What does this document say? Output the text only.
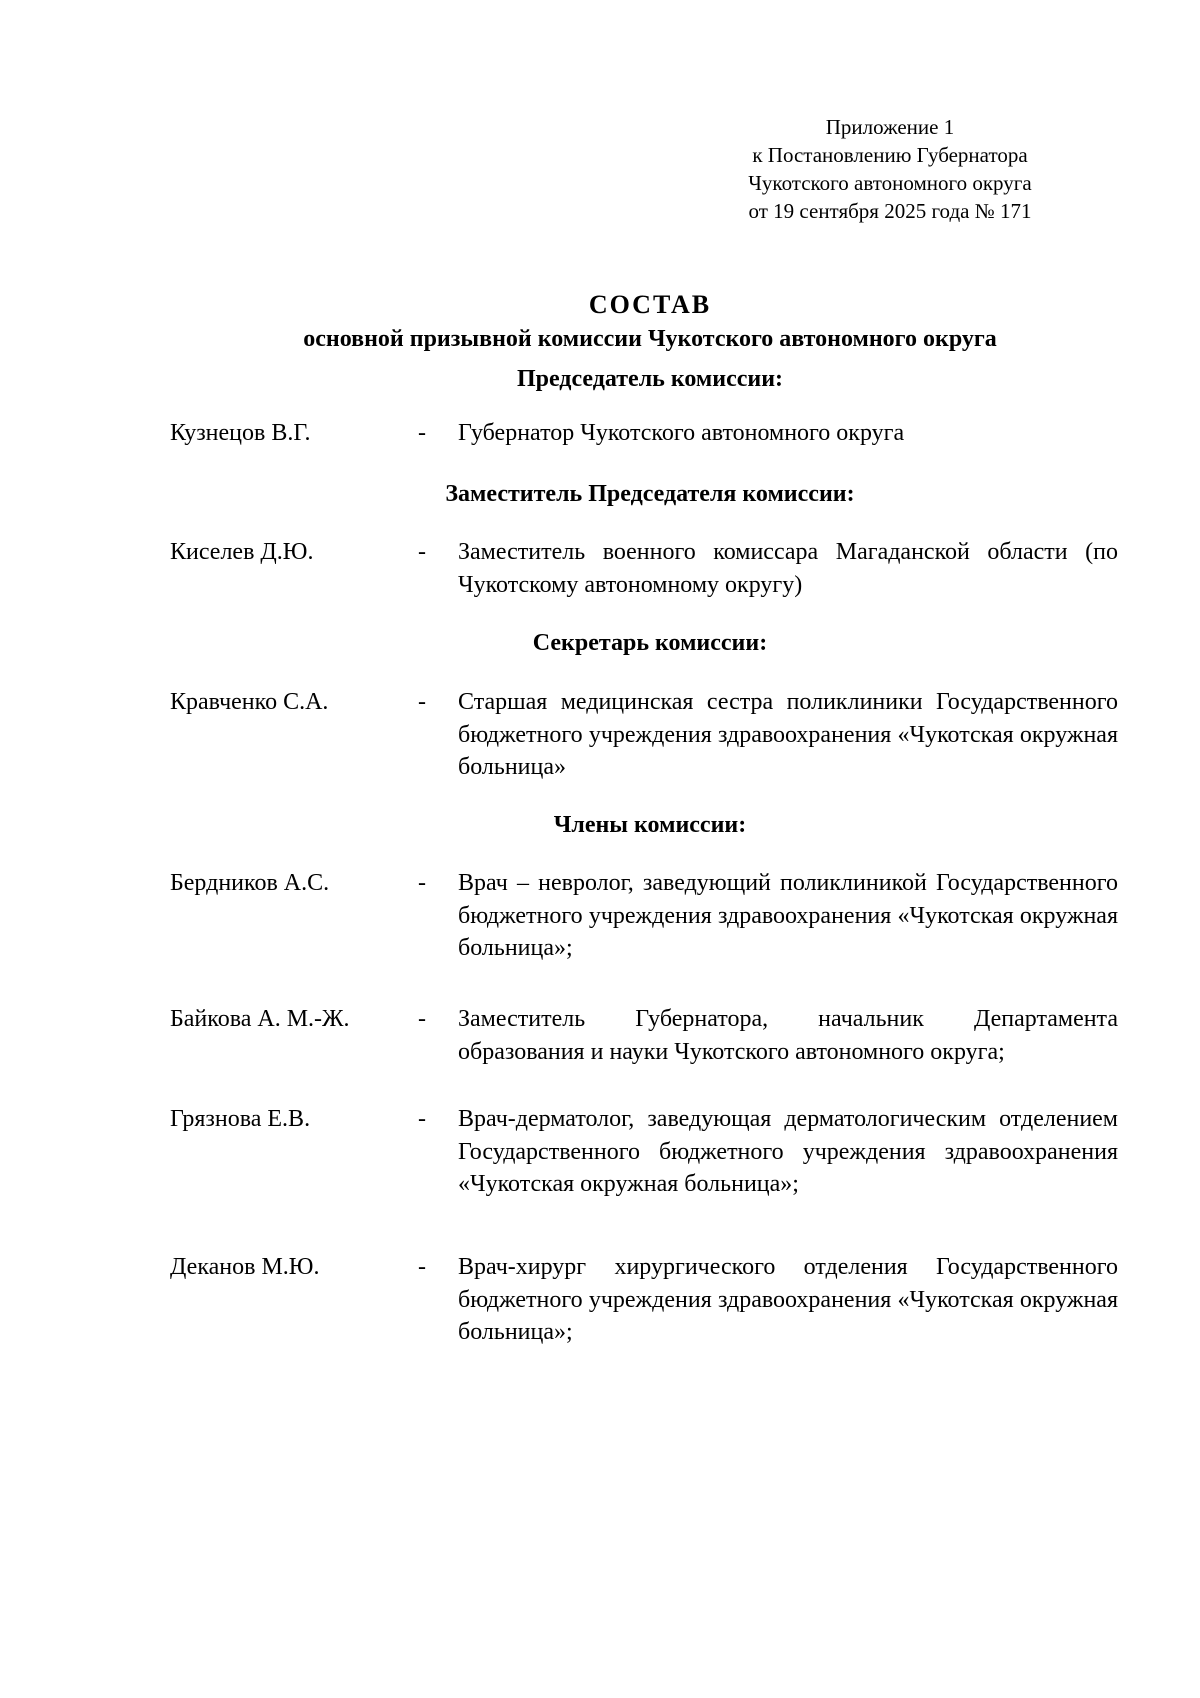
Приложение 1
к Постановлению Губернатора
Чукотского автономного округа
от 19 сентября 2025 года № 171
СОСТАВ
основной призывной комиссии Чукотского автономного округа
Председатель комиссии:
Кузнецов В.Г.	- Губернатор Чукотского автономного округа
Заместитель Председателя комиссии:
Киселев Д.Ю.	- Заместитель военного комиссара Магаданской области (по Чукотскому автономному округу)
Секретарь комиссии:
Кравченко С.А.	- Старшая медицинская сестра поликлиники Государственного бюджетного учреждения здравоохранения «Чукотская окружная больница»
Члены комиссии:
Бердников А.С.	- Врач – невролог, заведующий поликлиникой Государственного бюджетного учреждения здравоохранения «Чукотская окружная больница»;
Байкова А. М.-Ж.	- Заместитель Губернатора, начальник Департамента образования и науки Чукотского автономного округа;
Грязнова Е.В.	- Врач-дерматолог, заведующая дерматологическим отделением Государственного бюджетного учреждения здравоохранения «Чукотская окружная больница»;
Деканов М.Ю.	- Врач-хирург хирургического отделения Государственного бюджетного учреждения здравоохранения «Чукотская окружная больница»;
